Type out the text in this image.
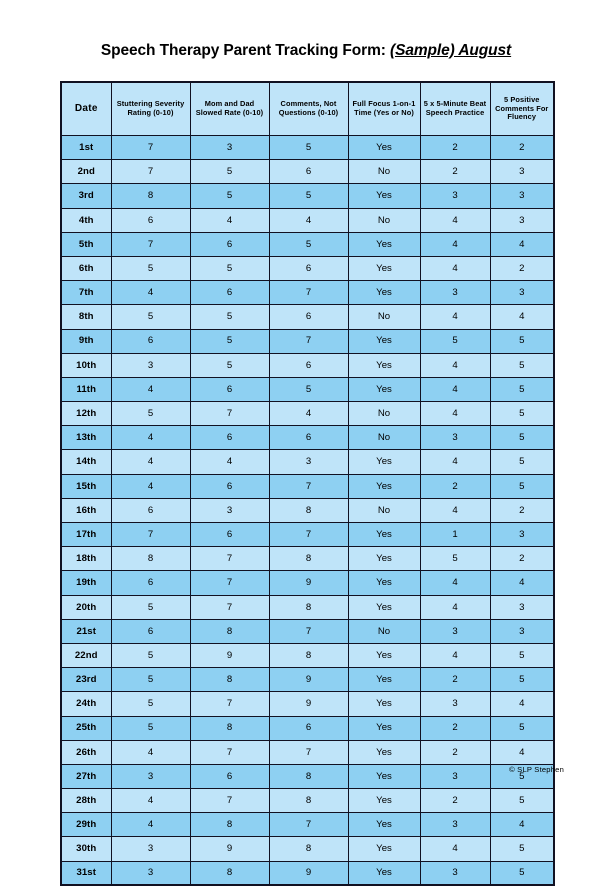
Speech Therapy Parent Tracking Form: (Sample) August
Date	Stuttering Severity Rating (0-10)	Mom and Dad Slowed Rate (0-10)	Comments, Not Questions (0-10)	Full Focus 1-on-1 Time (Yes or No)	5 x 5-Minute Beat Speech Practice	5 Positive Comments For Fluency
1st	7	3	5	Yes	2	2
2nd	7	5	6	No	2	3
3rd	8	5	5	Yes	3	3
4th	6	4	4	No	4	3
5th	7	6	5	Yes	4	4
6th	5	5	6	Yes	4	2
7th	4	6	7	Yes	3	3
8th	5	5	6	No	4	4
9th	6	5	7	Yes	5	5
10th	3	5	6	Yes	4	5
11th	4	6	5	Yes	4	5
12th	5	7	4	No	4	5
13th	4	6	6	No	3	5
14th	4	4	3	Yes	4	5
15th	4	6	7	Yes	2	5
16th	6	3	8	No	4	2
17th	7	6	7	Yes	1	3
18th	8	7	8	Yes	5	2
19th	6	7	9	Yes	4	4
20th	5	7	8	Yes	4	3
21st	6	8	7	No	3	3
22nd	5	9	8	Yes	4	5
23rd	5	8	9	Yes	2	5
24th	5	7	9	Yes	3	4
25th	5	8	6	Yes	2	5
26th	4	7	7	Yes	2	4
27th	3	6	8	Yes	3	5
28th	4	7	8	Yes	2	5
29th	4	8	7	Yes	3	4
30th	3	9	8	Yes	4	5
31st	3	8	9	Yes	3	5
© SLP Stephen
